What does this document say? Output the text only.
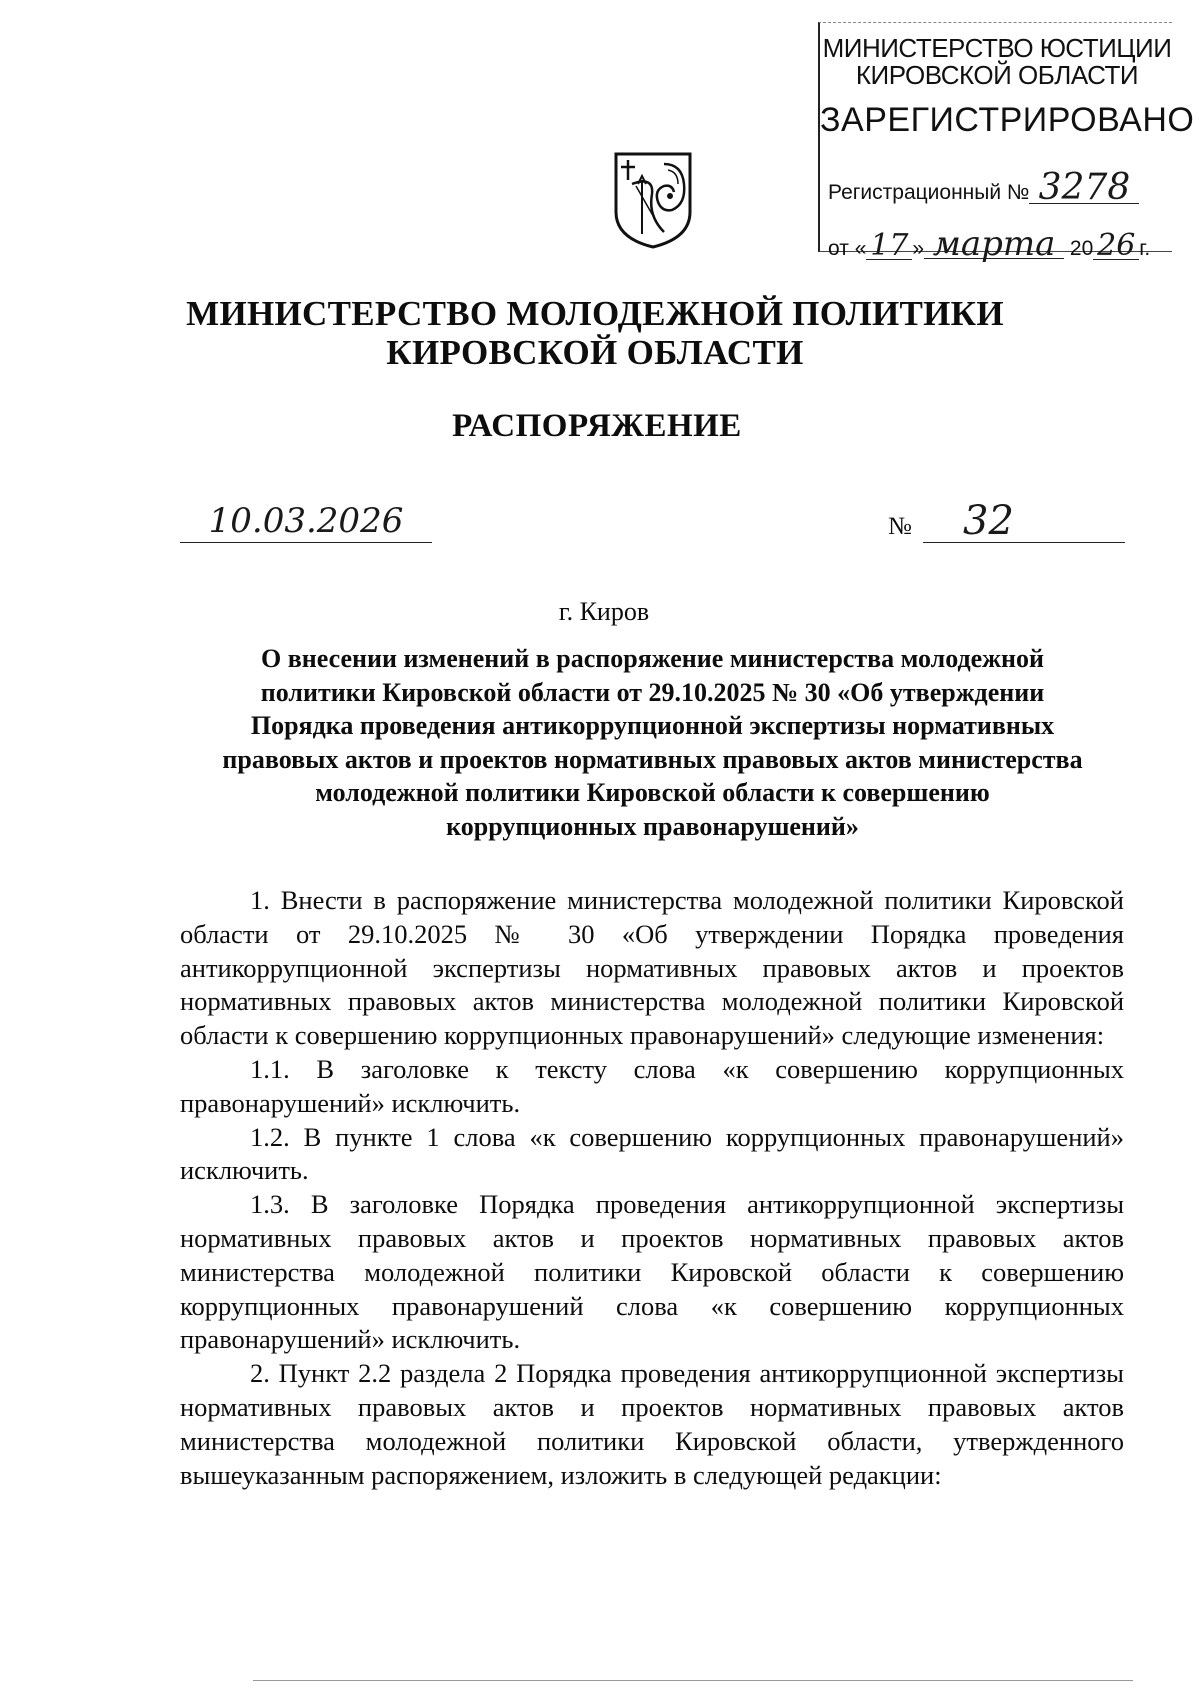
МИНИСТЕРСТВО ЮСТИЦИИ
КИРОВСКОЙ ОБЛАСТИ
ЗАРЕГИСТРИРОВАНО
Регистрационный № 3278
от « 17 » марта 20 26 г.
МИНИСТЕРСТВО МОЛОДЕЖНОЙ ПОЛИТИКИ
КИРОВСКОЙ ОБЛАСТИ
РАСПОРЯЖЕНИЕ
10.03.2026	№	32
г. Киров
О внесении изменений в распоряжение министерства молодежной
политики Кировской области от 29.10.2025 № 30 «Об утверждении
Порядка проведения антикоррупционной экспертизы нормативных
правовых актов и проектов нормативных правовых актов министерства
молодежной политики Кировской области к совершению
коррупционных правонарушений»

1. Внести в распоряжение министерства молодежной политики Кировской области от 29.10.2025 № 30 «Об утверждении Порядка проведения антикоррупционной экспертизы нормативных правовых актов и проектов нормативных правовых актов министерства молодежной политики Кировской области к совершению коррупционных правонарушений» следующие изменения:

1.1. В заголовке к тексту слова «к совершению коррупционных правонарушений» исключить.

1.2. В пункте 1 слова «к совершению коррупционных правонарушений» исключить.

1.3. В заголовке Порядка проведения антикоррупционной экспертизы нормативных правовых актов и проектов нормативных правовых актов министерства молодежной политики Кировской области к совершению коррупционных правонарушений слова «к совершению коррупционных правонарушений» исключить.

2. Пункт 2.2 раздела 2 Порядка проведения антикоррупционной экспертизы нормативных правовых актов и проектов нормативных правовых актов министерства молодежной политики Кировской области, утвержденного вышеуказанным распоряжением, изложить в следующей редакции:
